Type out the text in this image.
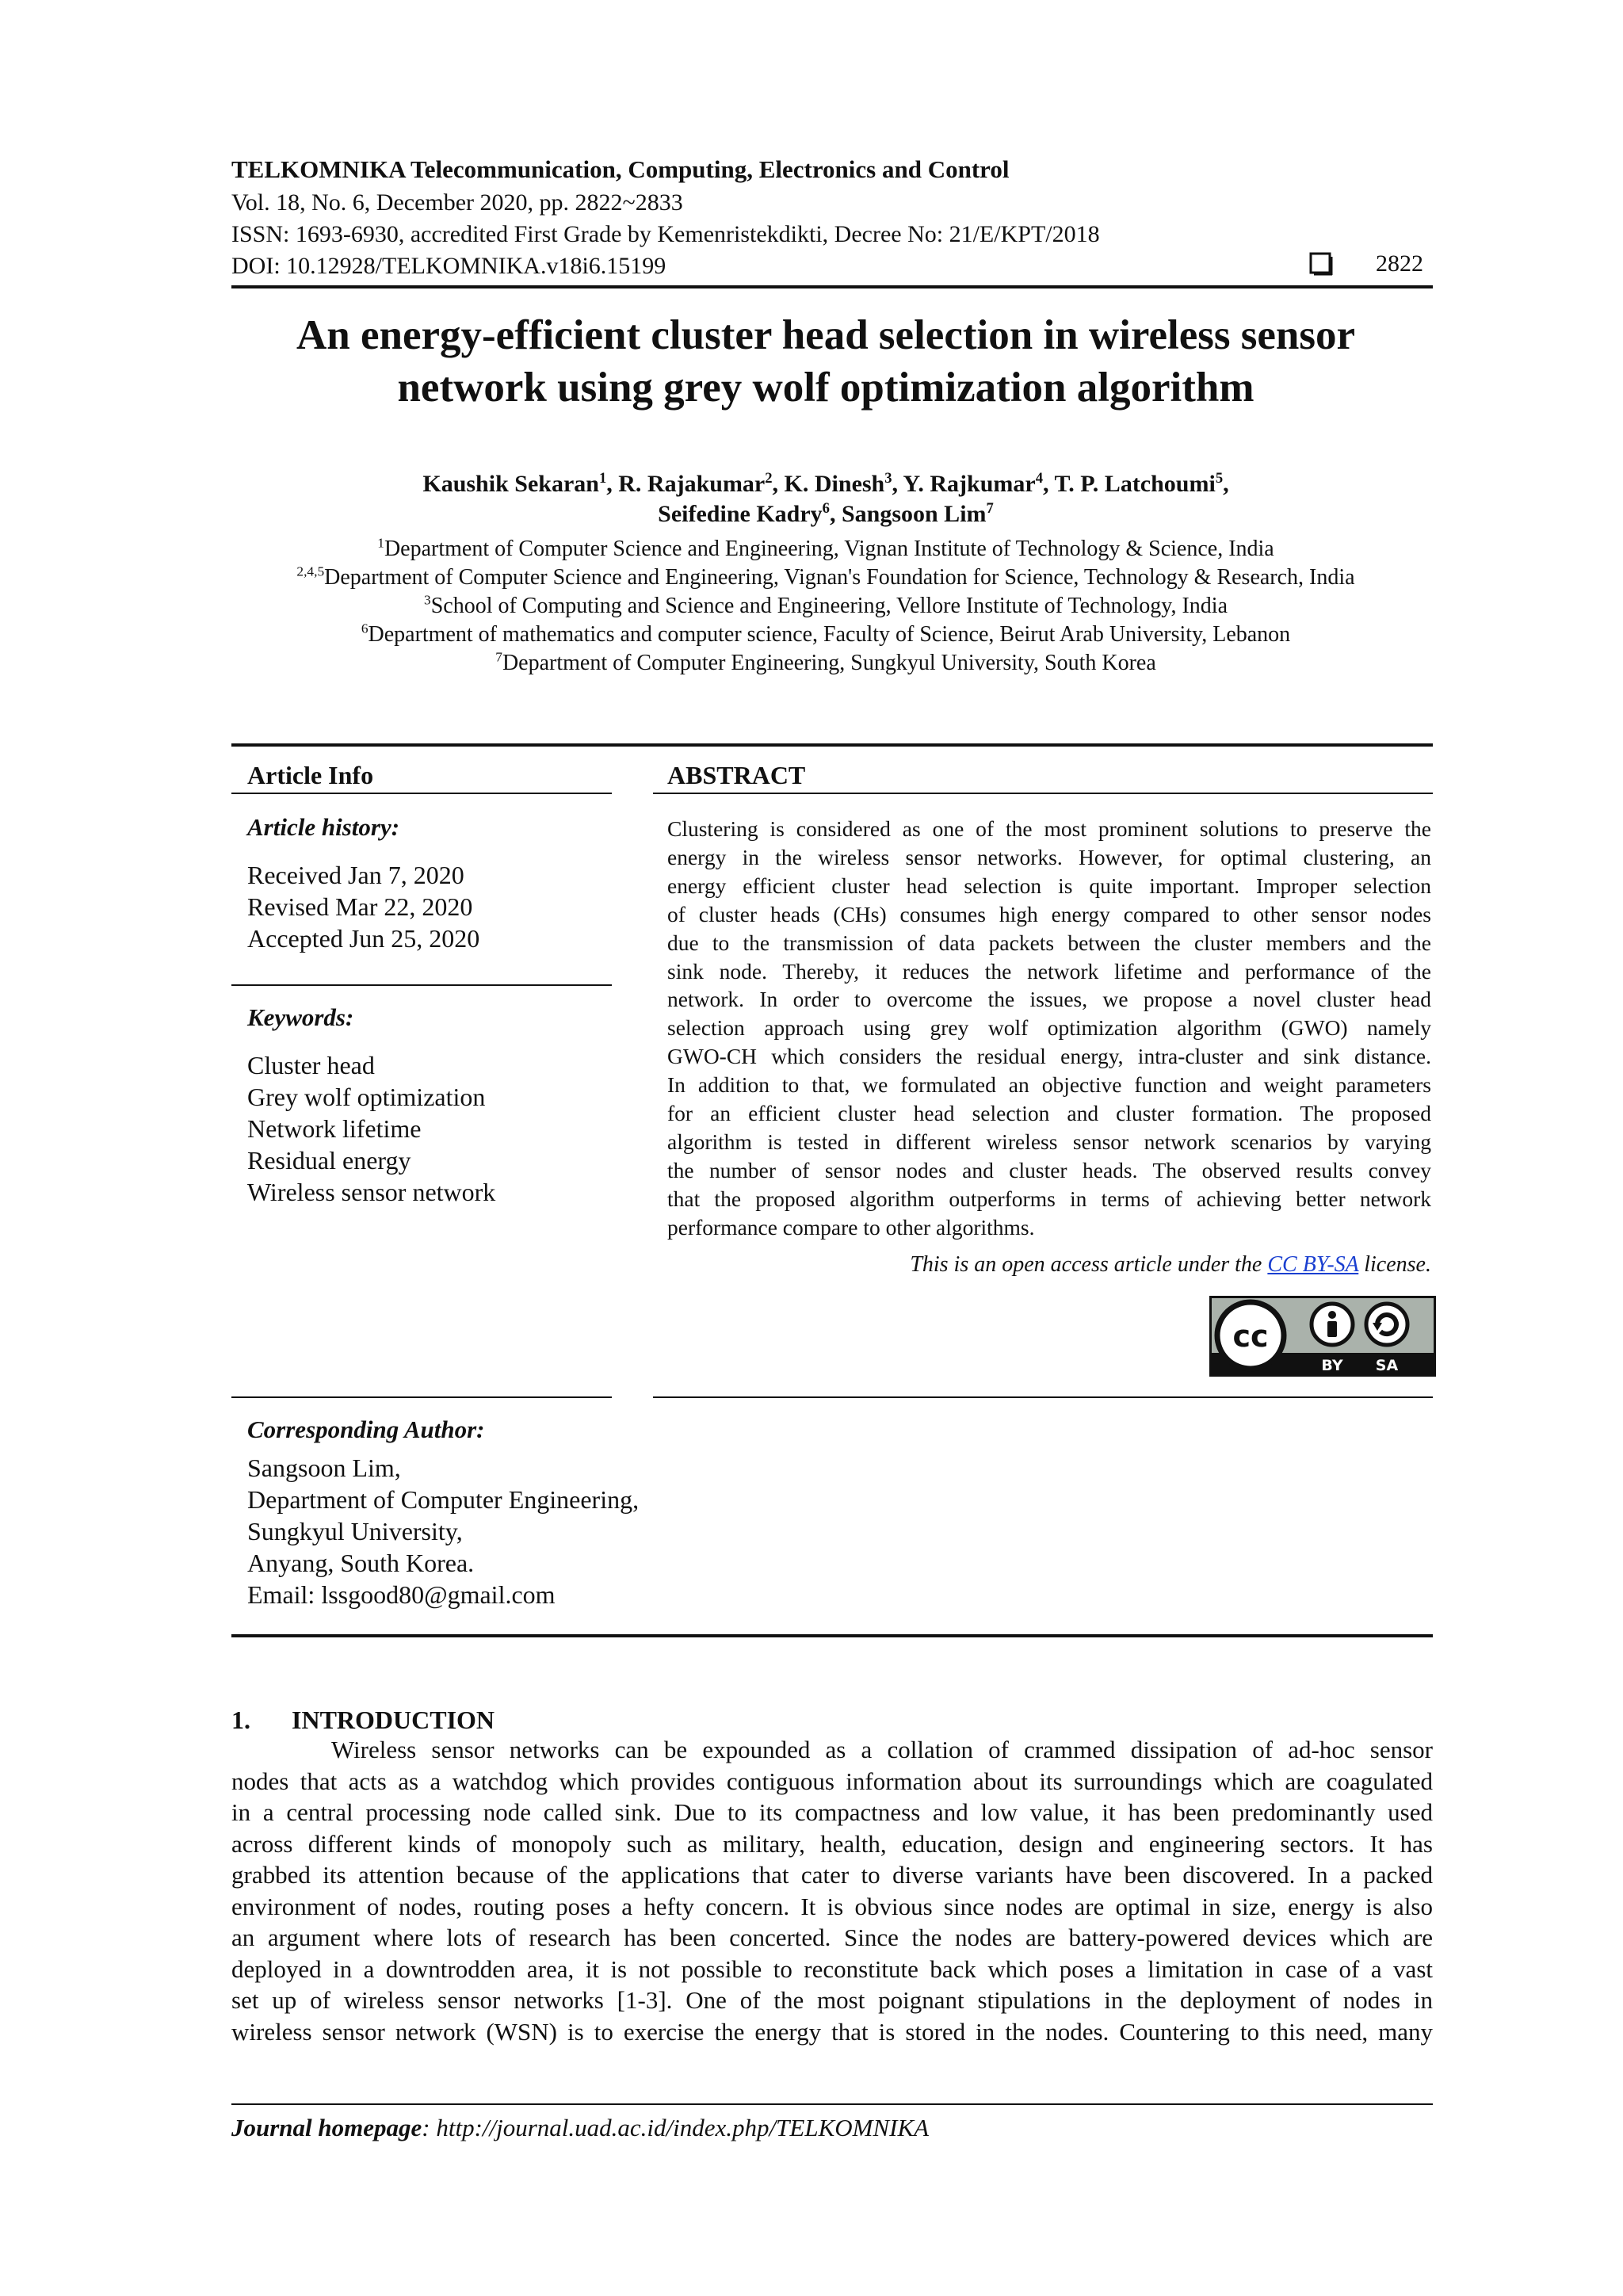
TELKOMNIKA Telecommunication, Computing, Electronics and Control
Vol. 18, No. 6, December 2020, pp. 2822~2833
ISSN: 1693-6930, accredited First Grade by Kemenristekdikti, Decree No: 21/E/KPT/2018
DOI: 10.12928/TELKOMNIKA.v18i6.15199	2822
An energy-efficient cluster head selection in wireless sensor
network using grey wolf optimization algorithm
Kaushik Sekaran$^1$, R. Rajakumar$^2$, K. Dinesh$^3$, Y. Rajkumar$^4$, T. P. Latchoumi$^5$,
Seifedine Kadry$^6$, Sangsoon Lim$^7$
$^1$Department of Computer Science and Engineering, Vignan Institute of Technology & Science, India
$^{2,4,5}$Department of Computer Science and Engineering, Vignan's Foundation for Science, Technology & Research, India
$^3$School of Computing and Science and Engineering, Vellore Institute of Technology, India
$^6$Department of mathematics and computer science, Faculty of Science, Beirut Arab University, Lebanon
$^7$Department of Computer Engineering, Sungkyul University, South Korea
Article Info
Article history:
Received Jan 7, 2020
Revised Mar 22, 2020
Accepted Jun 25, 2020
Keywords:
Cluster head
Grey wolf optimization
Network lifetime
Residual energy
Wireless sensor network
ABSTRACT
Clustering is considered as one of the most prominent solutions to preserve the
energy in the wireless sensor networks. However, for optimal clustering, an
energy efficient cluster head selection is quite important. Improper selection
of cluster heads (CHs) consumes high energy compared to other sensor nodes
due to the transmission of data packets between the cluster members and the
sink node. Thereby, it reduces the network lifetime and performance of the
network. In order to overcome the issues, we propose a novel cluster head
selection approach using grey wolf optimization algorithm (GWO) namely
GWO-CH which considers the residual energy, intra-cluster and sink distance.
In addition to that, we formulated an objective function and weight parameters
for an efficient cluster head selection and cluster formation. The proposed
algorithm is tested in different wireless sensor network scenarios by varying
the number of sensor nodes and cluster heads. The observed results convey
that the proposed algorithm outperforms in terms of achieving better network
performance compare to other algorithms.
This is an open access article under the CC BY-SA license.
cc
BY SA
Corresponding Author:
Sangsoon Lim,
Department of Computer Engineering,
Sungkyul University,
Anyang, South Korea.
Email: lssgood80@gmail.com
1. INTRODUCTION
Wireless sensor networks can be expounded as a collation of crammed dissipation of ad-hoc sensor
nodes that acts as a watchdog which provides contiguous information about its surroundings which are coagulated
in a central processing node called sink. Due to its compactness and low value, it has been predominantly used
across different kinds of monopoly such as military, health, education, design and engineering sectors. It has
grabbed its attention because of the applications that cater to diverse variants have been discovered. In a packed
environment of nodes, routing poses a hefty concern. It is obvious since nodes are optimal in size, energy is also
an argument where lots of research has been concerted. Since the nodes are battery-powered devices which are
deployed in a downtrodden area, it is not possible to reconstitute back which poses a limitation in case of a vast
set up of wireless sensor networks [1-3]. One of the most poignant stipulations in the deployment of nodes in
wireless sensor network (WSN) is to exercise the energy that is stored in the nodes. Countering to this need, many
Journal homepage: http://journal.uad.ac.id/index.php/TELKOMNIKA
